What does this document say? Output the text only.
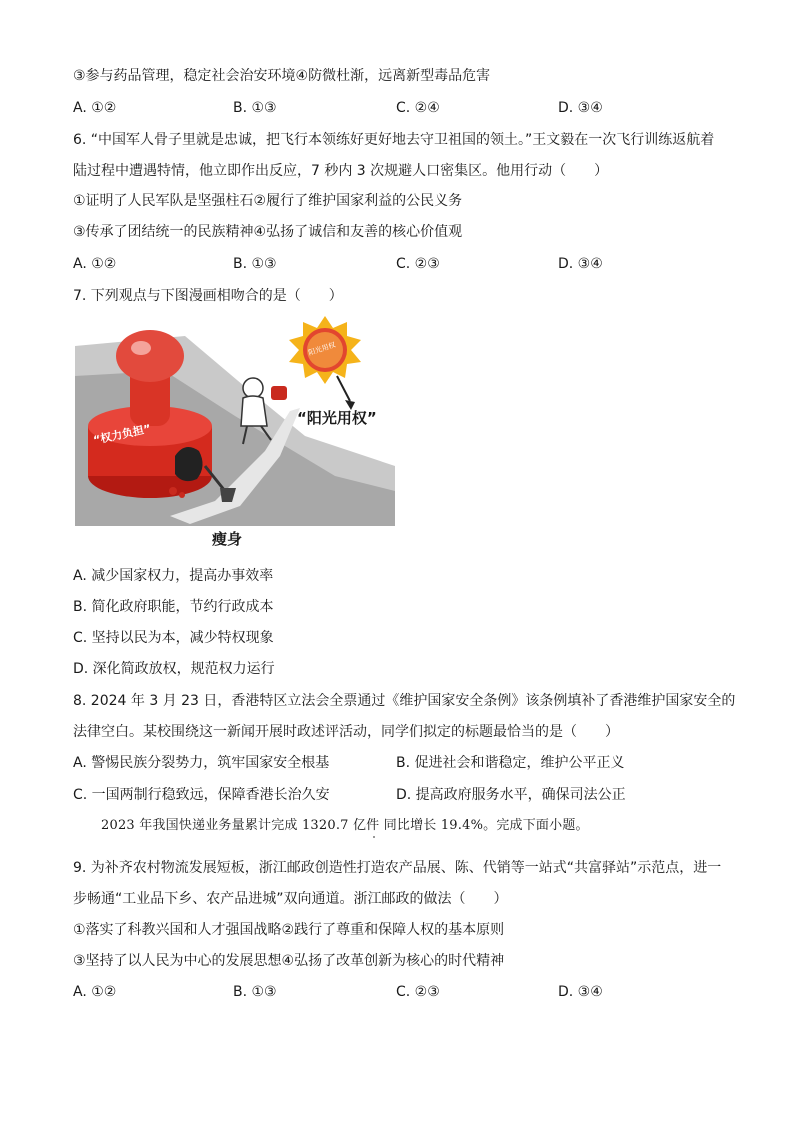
③参与药品管理，稳定社会治安环境④防微杜渐，远离新型毒品危害
A. ①②	B. ①③	C. ②④	D. ③④
6. “中国军人骨子里就是忠诚，把飞行本领练好更好地去守卫祖国的领土。”王文毅在一次飞行训练返航着
陆过程中遭遇特情，他立即作出反应，7 秒内 3 次规避人口密集区。他用行动（　　）
①证明了人民军队是坚强柱石②履行了维护国家利益的公民义务
③传承了团结统一的民族精神④弘扬了诚信和友善的核心价值观
A. ①②	B. ①③	C. ②③	D. ③④
7. 下列观点与下图漫画相吻合的是（　　）
“权力负担”
阳光用权
“阳光用权”
瘦身
A. 减少国家权力，提高办事效率
B. 简化政府职能，节约行政成本
C. 坚持以民为本，减少特权现象
D. 深化简政放权，规范权力运行
8. 2024 年 3 月 23 日，香港特区立法会全票通过《维护国家安全条例》该条例填补了香港维护国家安全的
法律空白。某校围绕这一新闻开展时政述评活动，同学们拟定的标题最恰当的是（　　）
A. 警惕民族分裂势力，筑牢国家安全根基	B. 促进社会和谐稳定，维护公平正义
C. 一国两制行稳致远，保障香港长治久安	D. 提高政府服务水平，确保司法公正
2023 年我国快递业务量累计完成 1320.7 亿件 同比增长 19.4%。完成下面小题。
9. 为补齐农村物流发展短板，浙江邮政创造性打造农产品展、陈、代销等一站式“共富驿站”示范点，进一
步畅通“工业品下乡、农产品进城”双向通道。浙江邮政的做法（　　）
①落实了科教兴国和人才强国战略②践行了尊重和保障人权的基本原则
③坚持了以人民为中心的发展思想④弘扬了改革创新为核心的时代精神
A. ①②	B. ①③	C. ②③	D. ③④
